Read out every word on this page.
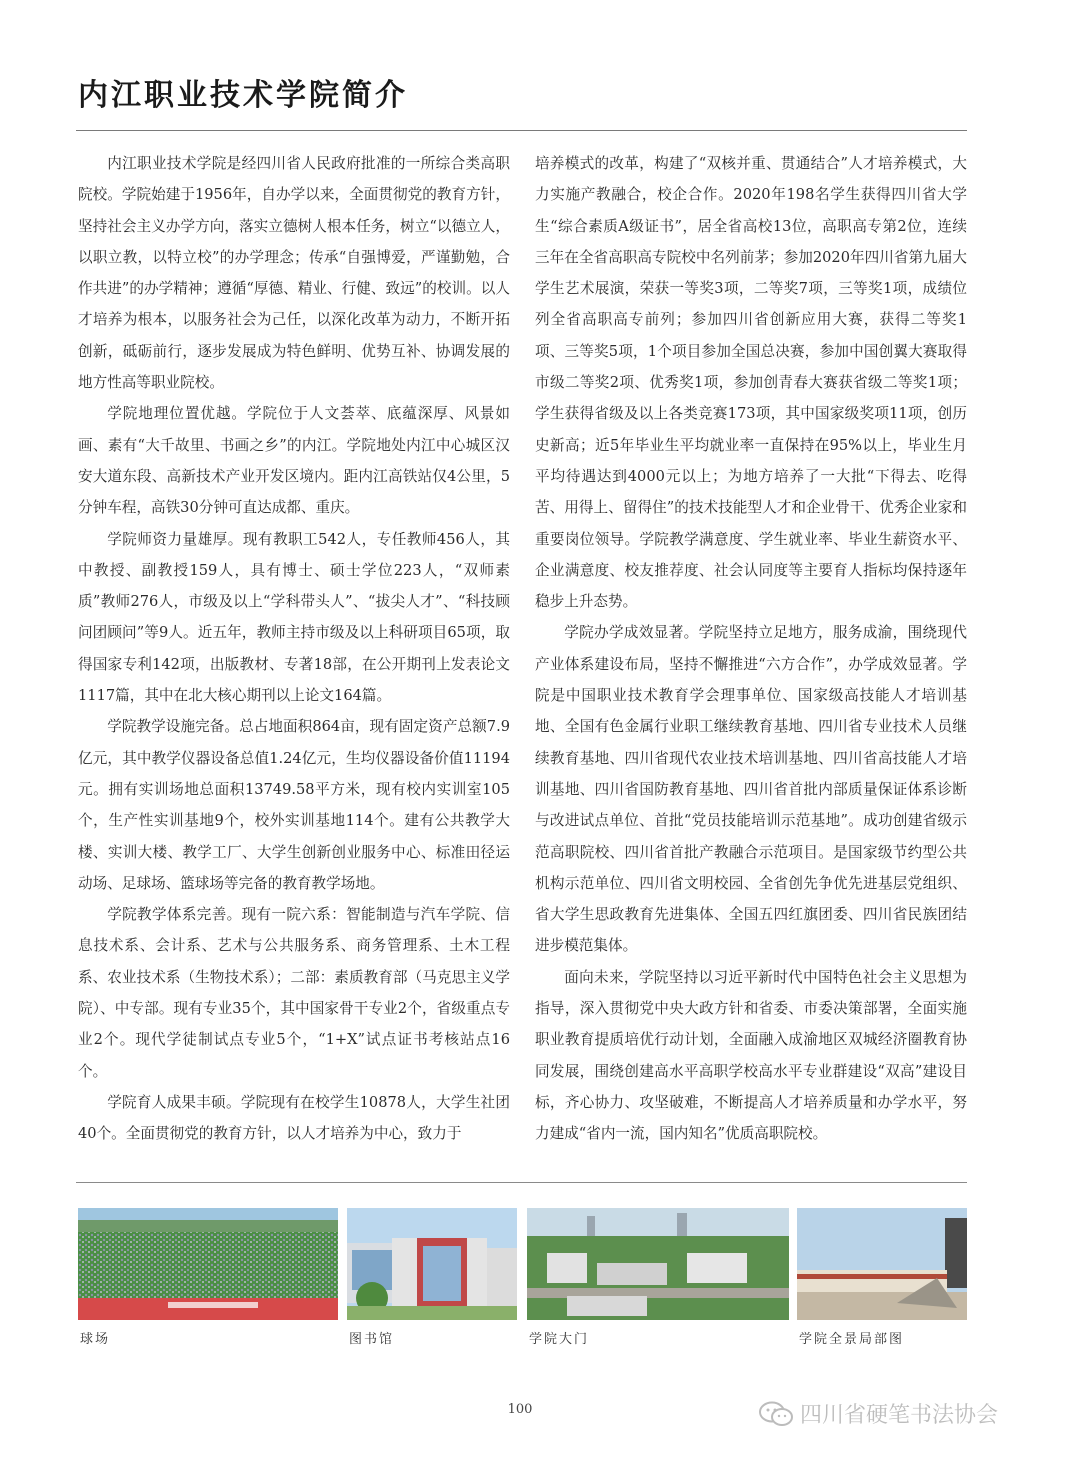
内江职业技术学院简介

内江职业技术学院是经四川省人民政府批准的一所综合类高职院校。学院始建于1956年，自办学以来，全面贯彻党的教育方针，坚持社会主义办学方向，落实立德树人根本任务，树立“以德立人，以职立教，以特立校”的办学理念；传承“自强博爱，严谨勤勉，合作共进”的办学精神；遵循“厚德、精业、行健、致远”的校训。以人才培养为根本，以服务社会为己任，以深化改革为动力，不断开拓创新，砥砺前行，逐步发展成为特色鲜明、优势互补、协调发展的地方性高等职业院校。

学院地理位置优越。学院位于人文荟萃、底蕴深厚、风景如画、素有“大千故里、书画之乡”的内江。学院地处内江中心城区汉安大道东段、高新技术产业开发区境内。距内江高铁站仅4公里，5分钟车程，高铁30分钟可直达成都、重庆。

学院师资力量雄厚。现有教职工542人，专任教师456人，其中教授、副教授159人，具有博士、硕士学位223人，“双师素质”教师276人，市级及以上“学科带头人”、“拔尖人才”、“科技顾问团顾问”等9人。近五年，教师主持市级及以上科研项目65项，取得国家专利142项，出版教材、专著18部，在公开期刊上发表论文1117篇，其中在北大核心期刊以上论文164篇。

学院教学设施完备。总占地面积864亩，现有固定资产总额7.9亿元，其中教学仪器设备总值1.24亿元，生均仪器设备价值11194元。拥有实训场地总面积13749.58平方米，现有校内实训室105个，生产性实训基地9个，校外实训基地114个。建有公共教学大楼、实训大楼、教学工厂、大学生创新创业服务中心、标准田径运动场、足球场、篮球场等完备的教育教学场地。

学院教学体系完善。现有一院六系：智能制造与汽车学院、信息技术系、会计系、艺术与公共服务系、商务管理系、土木工程系、农业技术系（生物技术系）；二部：素质教育部（马克思主义学院）、中专部。现有专业35个，其中国家骨干专业2个，省级重点专业2个。现代学徒制试点专业5个，“1+X”试点证书考核站点16个。

学院育人成果丰硕。学院现有在校学生10878人，大学生社团40个。全面贯彻党的教育方针，以人才培养为中心，致力于

培养模式的改革，构建了“双核并重、贯通结合”人才培养模式，大力实施产教融合，校企合作。2020年198名学生获得四川省大学生“综合素质A级证书”，居全省高校13位，高职高专第2位，连续三年在全省高职高专院校中名列前茅；参加2020年四川省第九届大学生艺术展演，荣获一等奖3项，二等奖7项，三等奖1项，成绩位列全省高职高专前列；参加四川省创新应用大赛，获得二等奖1项、三等奖5项，1个项目参加全国总决赛，参加中国创翼大赛取得市级二等奖2项、优秀奖1项，参加创青春大赛获省级二等奖1项；学生获得省级及以上各类竞赛173项，其中国家级奖项11项，创历史新高；近5年毕业生平均就业率一直保持在95%以上，毕业生月平均待遇达到4000元以上；为地方培养了一大批“下得去、吃得苦、用得上、留得住”的技术技能型人才和企业骨干、优秀企业家和重要岗位领导。学院教学满意度、学生就业率、毕业生薪资水平、企业满意度、校友推荐度、社会认同度等主要育人指标均保持逐年稳步上升态势。

学院办学成效显著。学院坚持立足地方，服务成渝，围绕现代产业体系建设布局，坚持不懈推进“六方合作”，办学成效显著。学院是中国职业技术教育学会理事单位、国家级高技能人才培训基地、全国有色金属行业职工继续教育基地、四川省专业技术人员继续教育基地、四川省现代农业技术培训基地、四川省高技能人才培训基地、四川省国防教育基地、四川省首批内部质量保证体系诊断与改进试点单位、首批“党员技能培训示范基地”。成功创建省级示范高职院校、四川省首批产教融合示范项目。是国家级节约型公共机构示范单位、四川省文明校园、全省创先争优先进基层党组织、省大学生思政教育先进集体、全国五四红旗团委、四川省民族团结进步模范集体。

面向未来，学院坚持以习近平新时代中国特色社会主义思想为指导，深入贯彻党中央大政方针和省委、市委决策部署，全面实施职业教育提质培优行动计划，全面融入成渝地区双城经济圈教育协同发展，围绕创建高水平高职学校高水平专业群建设“双高”建设目标，齐心协力、攻坚破难，不断提高人才培养质量和办学水平，努力建成“省内一流，国内知名”优质高职院校。

球场	图书馆	学院大门	学院全景局部图
100	四川省硬笔书法协会
